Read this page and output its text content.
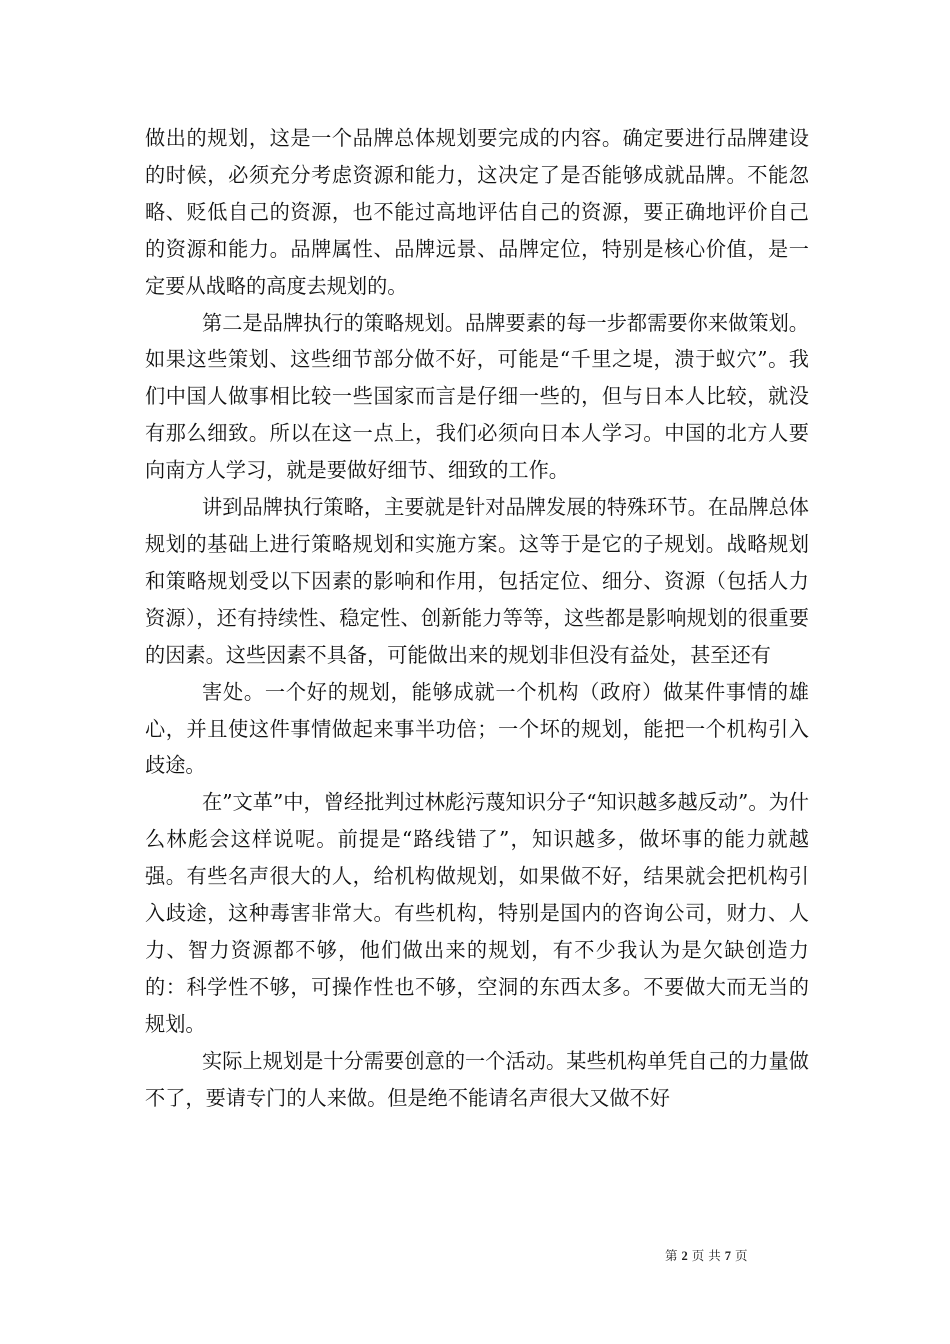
做出的规划，这是一个品牌总体规划要完成的内容。确定要进行品牌建设的时候，必须充分考虑资源和能力，这决定了是否能够成就品牌。不能忽略、贬低自己的资源，也不能过高地评估自己的资源，要正确地评价自己的资源和能力。品牌属性、品牌远景、品牌定位，特别是核心价值，是一定要从战略的高度去规划的。

第二是品牌执行的策略规划。品牌要素的每一步都需要你来做策划。如果这些策划、这些细节部分做不好，可能是“千里之堤，溃于蚁穴”。我们中国人做事相比较一些国家而言是仔细一些的，但与日本人比较，就没有那么细致。所以在这一点上，我们必须向日本人学习。中国的北方人要向南方人学习，就是要做好细节、细致的工作。

讲到品牌执行策略，主要就是针对品牌发展的特殊环节。在品牌总体规划的基础上进行策略规划和实施方案。这等于是它的子规划。战略规划和策略规划受以下因素的影响和作用，包括定位、细分、资源（包括人力资源），还有持续性、稳定性、创新能力等等，这些都是影响规划的很重要的因素。这些因素不具备，可能做出来的规划非但没有益处，甚至还有

害处。一个好的规划，能够成就一个机构（政府）做某件事情的雄心，并且使这件事情做起来事半功倍；一个坏的规划，能把一个机构引入歧途。

在”文革”中，曾经批判过林彪污蔑知识分子“知识越多越反动”。为什么林彪会这样说呢。前提是“路线错了”，知识越多，做坏事的能力就越强。有些名声很大的人，给机构做规划，如果做不好，结果就会把机构引入歧途，这种毒害非常大。有些机构，特别是国内的咨询公司，财力、人力、智力资源都不够，他们做出来的规划，有不少我认为是欠缺创造力的：科学性不够，可操作性也不够，空洞的东西太多。不要做大而无当的规划。

实际上规划是十分需要创意的一个活动。某些机构单凭自己的力量做不了，要请专门的人来做。但是绝不能请名声很大又做不好

第 2 页 共 7 页
